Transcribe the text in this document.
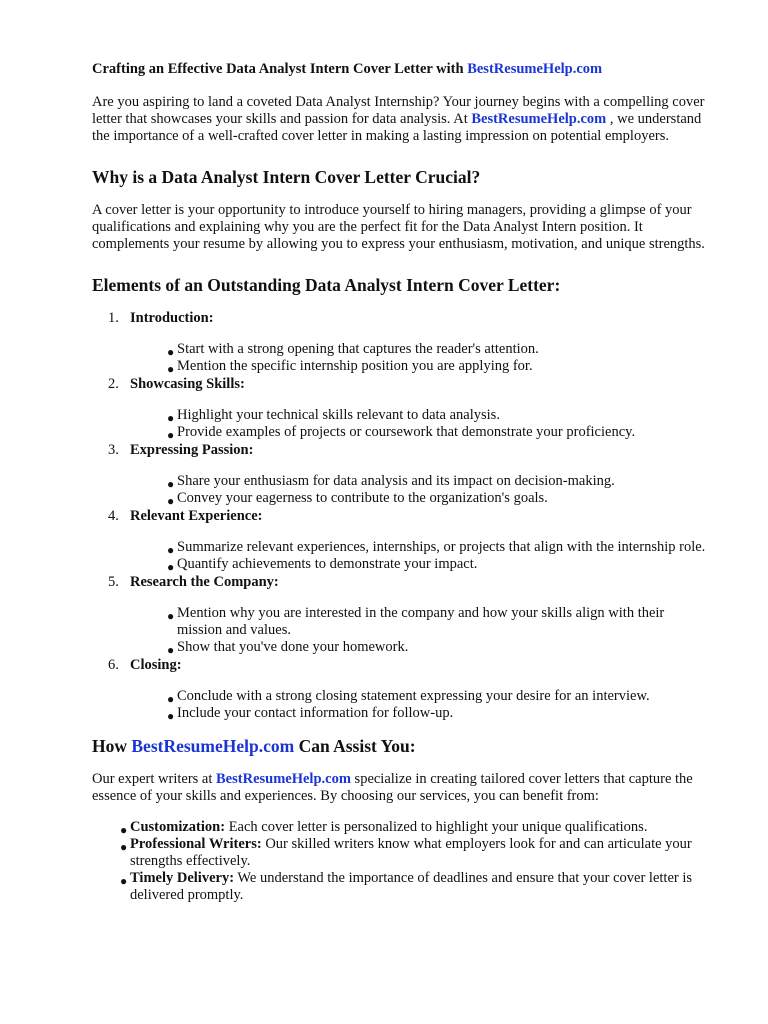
Crafting an Effective Data Analyst Intern Cover Letter with BestResumeHelp.com

Are you aspiring to land a coveted Data Analyst Internship? Your journey begins with a compelling cover letter that showcases your skills and passion for data analysis. At BestResumeHelp.com , we understand the importance of a well-crafted cover letter in making a lasting impression on potential employers.

Why is a Data Analyst Intern Cover Letter Crucial?

A cover letter is your opportunity to introduce yourself to hiring managers, providing a glimpse of your qualifications and explaining why you are the perfect fit for the Data Analyst Intern position. It complements your resume by allowing you to express your enthusiasm, motivation, and unique strengths.

Elements of an Outstanding Data Analyst Intern Cover Letter:
1. Introduction:
● Start with a strong opening that captures the reader's attention.
● Mention the specific internship position you are applying for.
2. Showcasing Skills:
● Highlight your technical skills relevant to data analysis.
● Provide examples of projects or coursework that demonstrate your proficiency.
3. Expressing Passion:
● Share your enthusiasm for data analysis and its impact on decision-making.
● Convey your eagerness to contribute to the organization's goals.
4. Relevant Experience:
● Summarize relevant experiences, internships, or projects that align with the internship role.
● Quantify achievements to demonstrate your impact.
5. Research the Company:
● Mention why you are interested in the company and how your skills align with their mission and values.
● Show that you've done your homework.
6. Closing:
● Conclude with a strong closing statement expressing your desire for an interview.
● Include your contact information for follow-up.
How BestResumeHelp.com Can Assist You:

Our expert writers at BestResumeHelp.com specialize in creating tailored cover letters that capture the essence of your skills and experiences. By choosing our services, you can benefit from:

● Customization: Each cover letter is personalized to highlight your unique qualifications.
● Professional Writers: Our skilled writers know what employers look for and can articulate your strengths effectively.
● Timely Delivery: We understand the importance of deadlines and ensure that your cover letter is delivered promptly.
